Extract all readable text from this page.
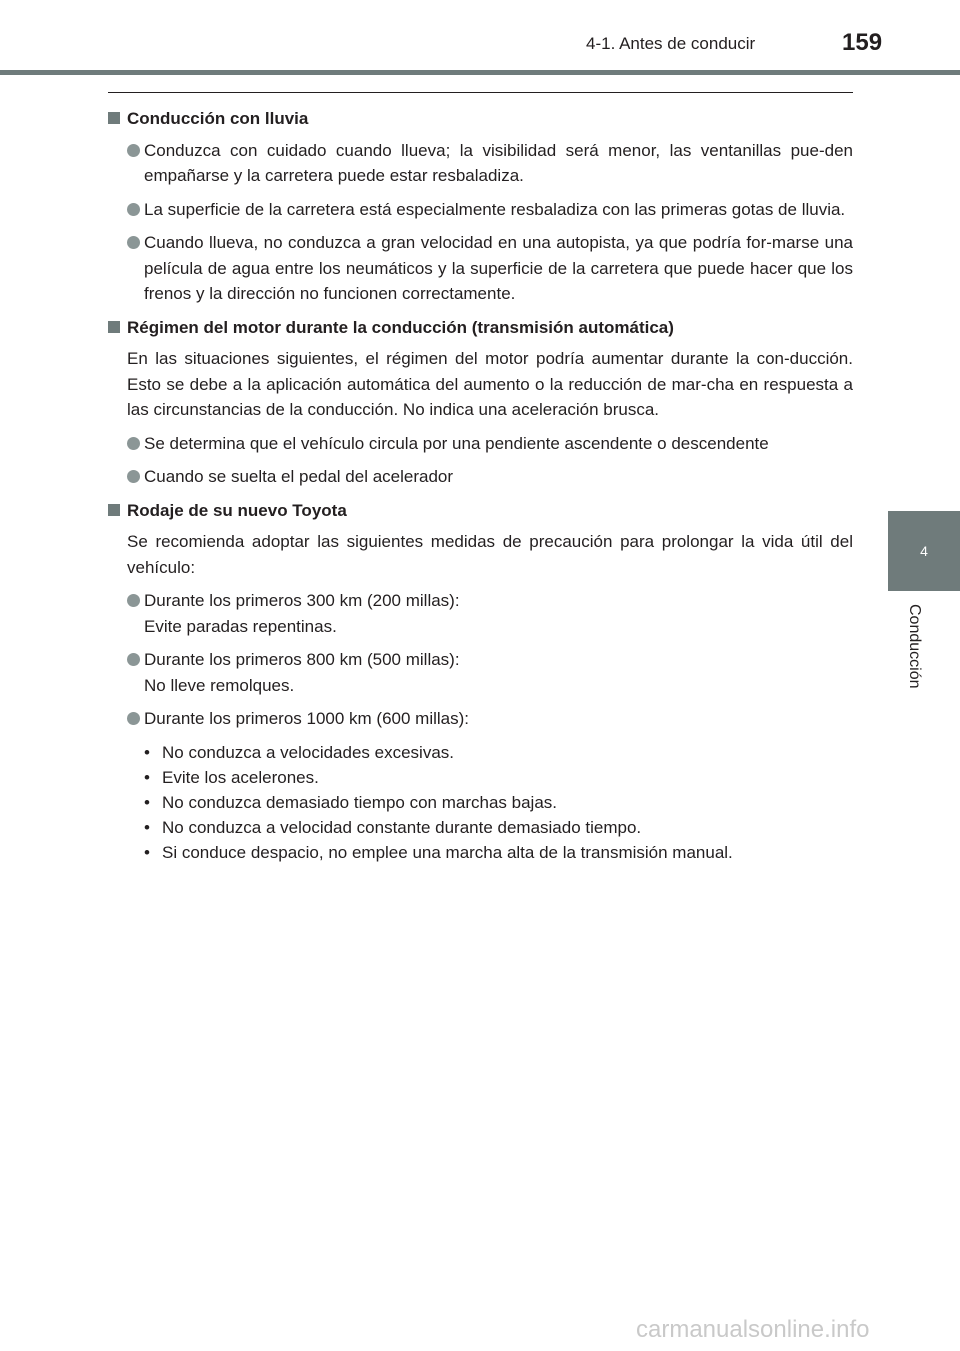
4-1. Antes de conducir	159
4
Conducción
Conducción con lluvia
Conduzca con cuidado cuando llueva; la visibilidad será menor, las ventanillas pue-den empañarse y la carretera puede estar resbaladiza.
La superficie de la carretera está especialmente resbaladiza con las primeras gotas de lluvia.
Cuando llueva, no conduzca a gran velocidad en una autopista, ya que podría for-marse una película de agua entre los neumáticos y la superficie de la carretera que puede hacer que los frenos y la dirección no funcionen correctamente.
Régimen del motor durante la conducción (transmisión automática)
En las situaciones siguientes, el régimen del motor podría aumentar durante la con-ducción. Esto se debe a la aplicación automática del aumento o la reducción de mar-cha en respuesta a las circunstancias de la conducción. No indica una aceleración brusca.
Se determina que el vehículo circula por una pendiente ascendente o descendente
Cuando se suelta el pedal del acelerador
Rodaje de su nuevo Toyota
Se recomienda adoptar las siguientes medidas de precaución para prolongar la vida útil del vehículo:
Durante los primeros 300 km (200 millas):
Evite paradas repentinas.
Durante los primeros 800 km (500 millas):
No lleve remolques.
Durante los primeros 1000 km (600 millas):
• No conduzca a velocidades excesivas.
• Evite los acelerones.
• No conduzca demasiado tiempo con marchas bajas.
• No conduzca a velocidad constante durante demasiado tiempo.
• Si conduce despacio, no emplee una marcha alta de la transmisión manual.
carmanualsonline.info
